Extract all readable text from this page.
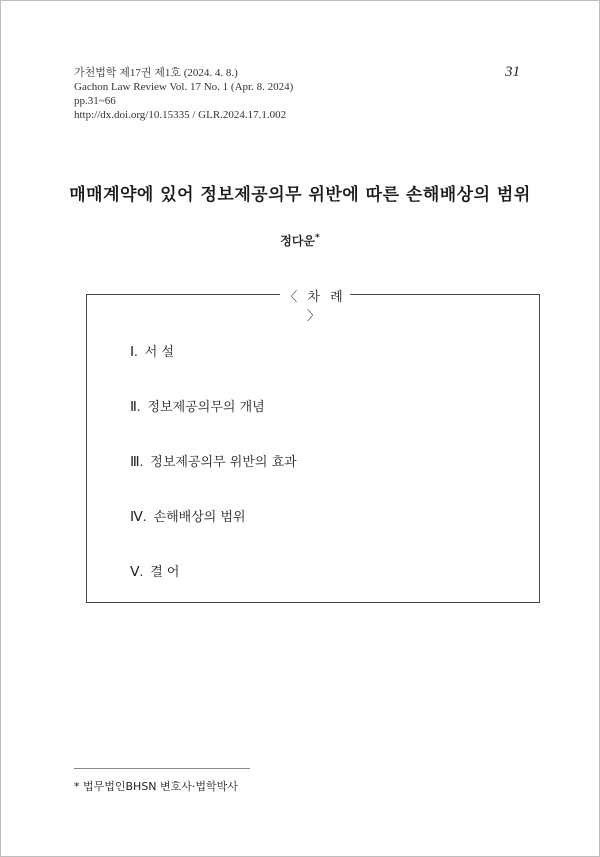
가천법학 제17권 제1호 (2024. 4. 8.)
Gachon Law Review Vol. 17 No. 1 (Apr. 8. 2024)
pp.31~66
http://dx.doi.org/10.15335 / GLR.2024.17.1.002
31
매매계약에 있어 정보제공의무 위반에 따른 손해배상의 범위
정다운*
〈 차 례 〉
Ⅰ. 서 설
Ⅱ. 정보제공의무의 개념
Ⅲ. 정보제공의무 위반의 효과
Ⅳ. 손해배상의 범위
Ⅴ. 결 어
* 법무법인BHSN 변호사·법학박사
